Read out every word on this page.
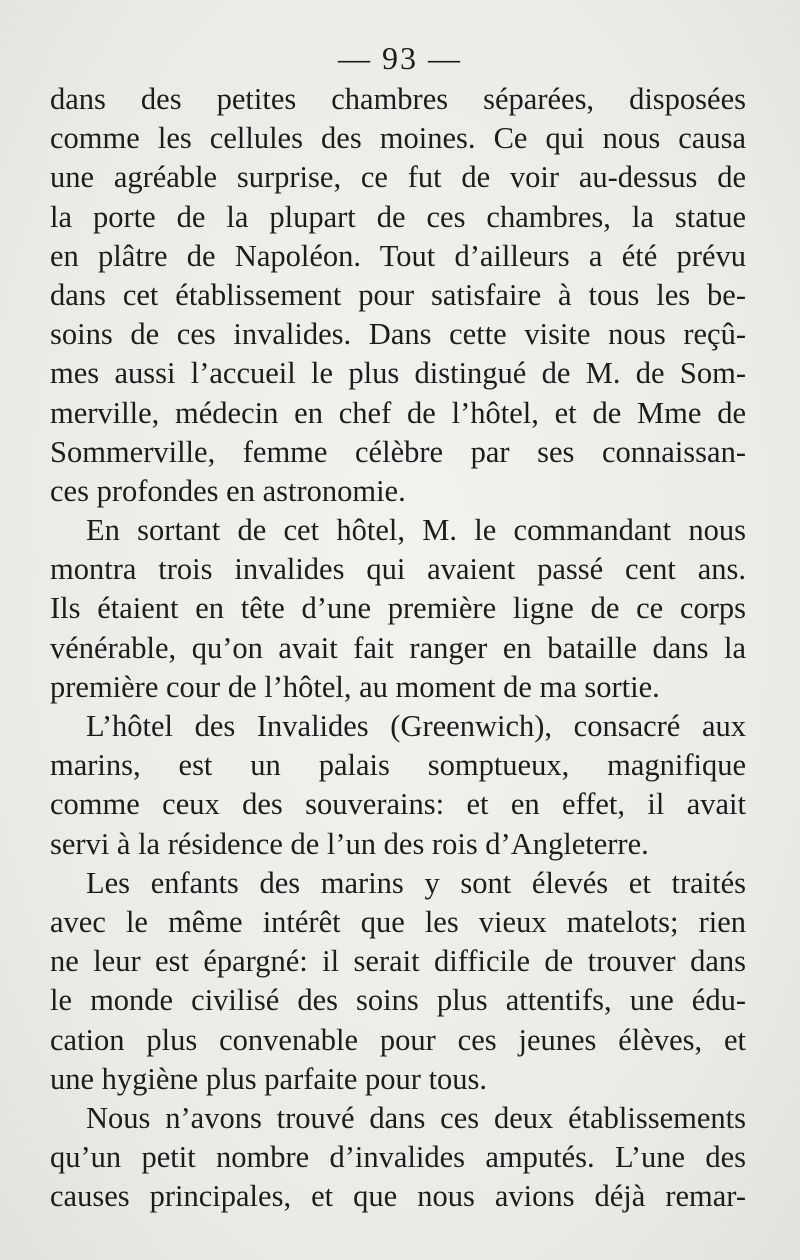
— 93 —
dans des petites chambres séparées, disposées
comme les cellules des moines. Ce qui nous causa
une agréable surprise, ce fut de voir au-dessus de
la porte de la plupart de ces chambres, la statue
en plâtre de Napoléon. Tout d’ailleurs a été prévu
dans cet établissement pour satisfaire à tous les be-
soins de ces invalides. Dans cette visite nous reçû-
mes aussi l’accueil le plus distingué de M. de Som-
merville, médecin en chef de l’hôtel, et de Mme de
Sommerville, femme célèbre par ses connaissan-
ces profondes en astronomie.
En sortant de cet hôtel, M. le commandant nous
montra trois invalides qui avaient passé cent ans.
Ils étaient en tête d’une première ligne de ce corps
vénérable, qu’on avait fait ranger en bataille dans la
première cour de l’hôtel, au moment de ma sortie.
L’hôtel des Invalides (Greenwich), consacré aux
marins, est un palais somptueux, magnifique
comme ceux des souverains: et en effet, il avait
servi à la résidence de l’un des rois d’Angleterre.
Les enfants des marins y sont élevés et traités
avec le même intérêt que les vieux matelots; rien
ne leur est épargné: il serait difficile de trouver dans
le monde civilisé des soins plus attentifs, une édu-
cation plus convenable pour ces jeunes élèves, et
une hygiène plus parfaite pour tous.
Nous n’avons trouvé dans ces deux établissements
qu’un petit nombre d’invalides amputés. L’une des
causes principales, et que nous avions déjà remar-
